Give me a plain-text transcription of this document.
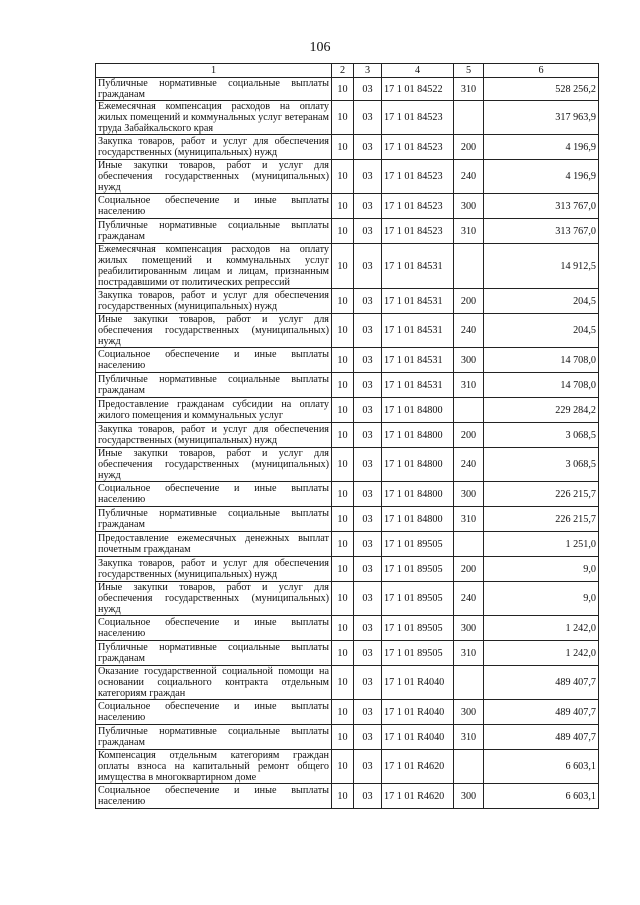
106
1	2	3	4	5	6
Публичные нормативные социальные выплаты гражданам	10	03	17 1 01 84522	310	528 256,2
Ежемесячная компенсация расходов на оплату жилых помещений и коммунальных услуг ветеранам труда Забайкальского края	10	03	17 1 01 84523		317 963,9
Закупка товаров, работ и услуг для обеспечения государственных (муниципальных) нужд	10	03	17 1 01 84523	200	4 196,9
Иные закупки товаров, работ и услуг для обеспечения государственных (муниципальных) нужд	10	03	17 1 01 84523	240	4 196,9
Социальное обеспечение и иные выплаты населению	10	03	17 1 01 84523	300	313 767,0
Публичные нормативные социальные выплаты гражданам	10	03	17 1 01 84523	310	313 767,0
Ежемесячная компенсация расходов на оплату жилых помещений и коммунальных услуг реабилитированным лицам и лицам, признанным пострадавшими от политических репрессий	10	03	17 1 01 84531		14 912,5
Закупка товаров, работ и услуг для обеспечения государственных (муниципальных) нужд	10	03	17 1 01 84531	200	204,5
Иные закупки товаров, работ и услуг для обеспечения государственных (муниципальных) нужд	10	03	17 1 01 84531	240	204,5
Социальное обеспечение и иные выплаты населению	10	03	17 1 01 84531	300	14 708,0
Публичные нормативные социальные выплаты гражданам	10	03	17 1 01 84531	310	14 708,0
Предоставление гражданам субсидии на оплату жилого помещения и коммунальных услуг	10	03	17 1 01 84800		229 284,2
Закупка товаров, работ и услуг для обеспечения государственных (муниципальных) нужд	10	03	17 1 01 84800	200	3 068,5
Иные закупки товаров, работ и услуг для обеспечения государственных (муниципальных) нужд	10	03	17 1 01 84800	240	3 068,5
Социальное обеспечение и иные выплаты населению	10	03	17 1 01 84800	300	226 215,7
Публичные нормативные социальные выплаты гражданам	10	03	17 1 01 84800	310	226 215,7
Предоставление ежемесячных денежных выплат почетным гражданам	10	03	17 1 01 89505		1 251,0
Закупка товаров, работ и услуг для обеспечения государственных (муниципальных) нужд	10	03	17 1 01 89505	200	9,0
Иные закупки товаров, работ и услуг для обеспечения государственных (муниципальных) нужд	10	03	17 1 01 89505	240	9,0
Социальное обеспечение и иные выплаты населению	10	03	17 1 01 89505	300	1 242,0
Публичные нормативные социальные выплаты гражданам	10	03	17 1 01 89505	310	1 242,0
Оказание государственной социальной помощи на основании социального контракта отдельным категориям граждан	10	03	17 1 01 R4040		489 407,7
Социальное обеспечение и иные выплаты населению	10	03	17 1 01 R4040	300	489 407,7
Публичные нормативные социальные выплаты гражданам	10	03	17 1 01 R4040	310	489 407,7
Компенсация отдельным категориям граждан оплаты взноса на капитальный ремонт общего имущества в многоквартирном доме	10	03	17 1 01 R4620		6 603,1
Социальное обеспечение и иные выплаты населению	10	03	17 1 01 R4620	300	6 603,1
